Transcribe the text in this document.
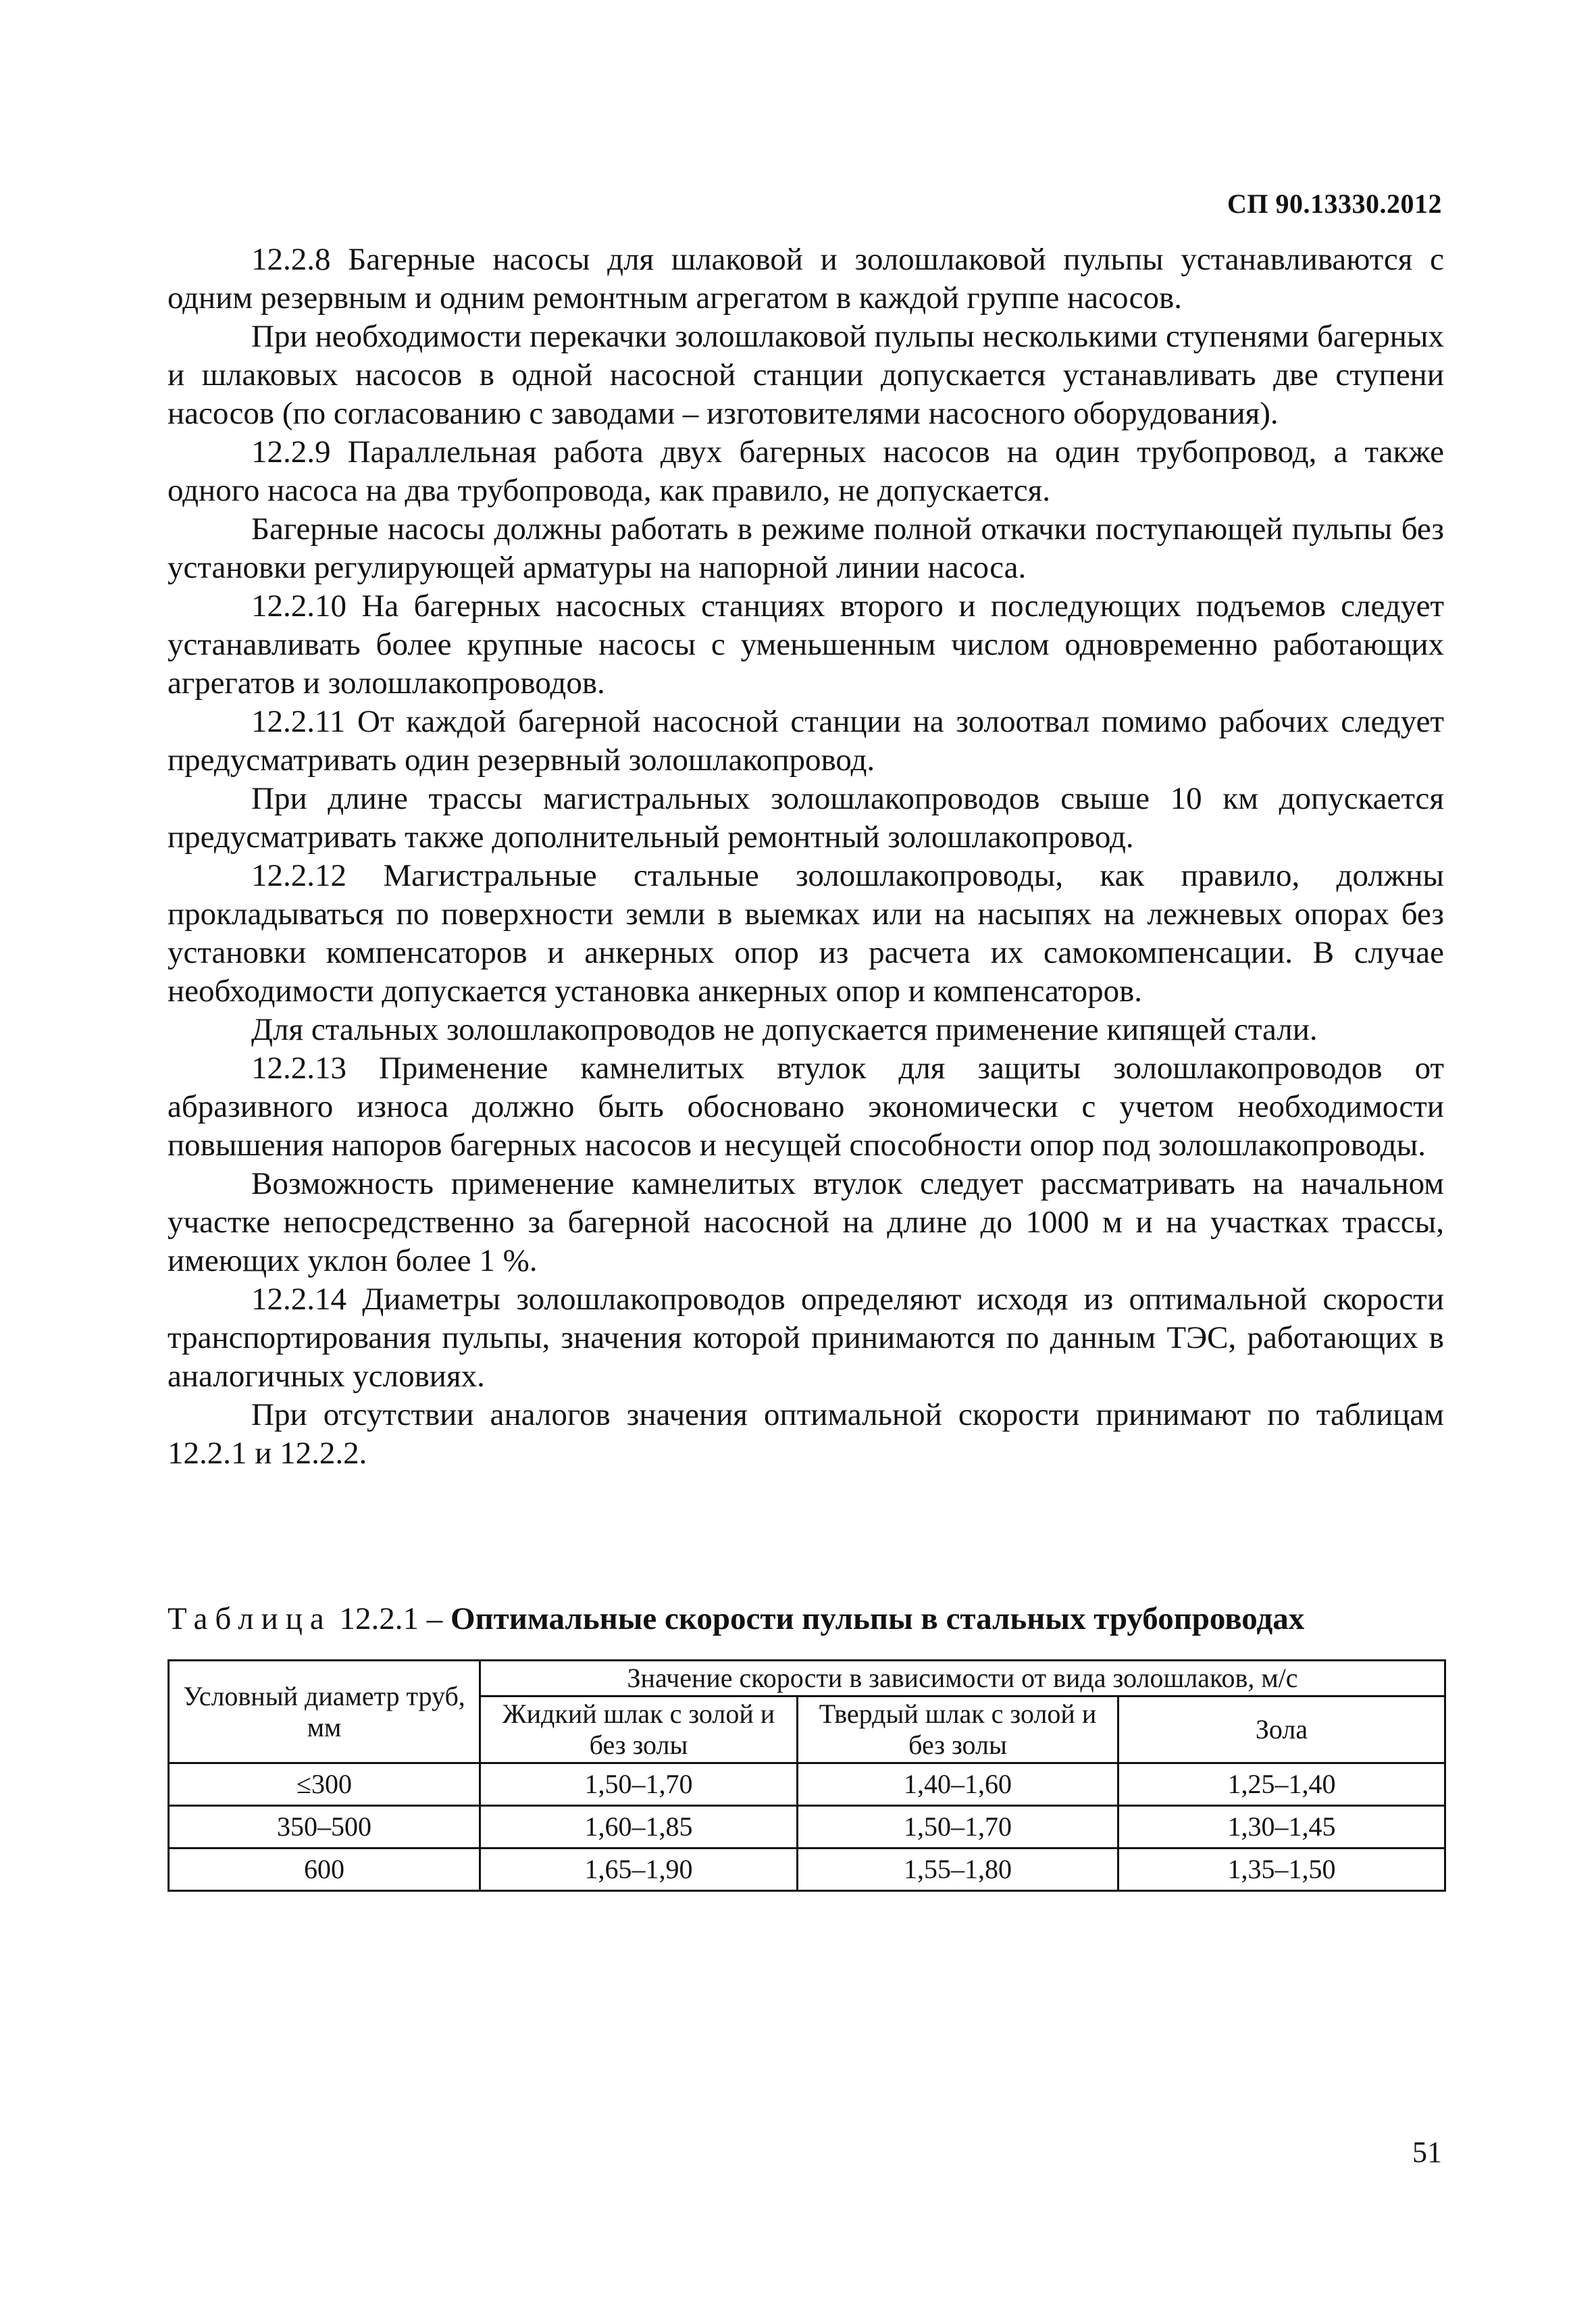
СП 90.13330.2012

12.2.8 Багерные насосы для шлаковой и золошлаковой пульпы устанавливаются с одним резервным и одним ремонтным агрегатом в каждой группе насосов.

При необходимости перекачки золошлаковой пульпы несколькими ступенями багерных и шлаковых насосов в одной насосной станции допускается устанавливать две ступени насосов (по согласованию с заводами – изготовителями насосного оборудования).

12.2.9 Параллельная работа двух багерных насосов на один трубопровод, а также одного насоса на два трубопровода, как правило, не допускается.

Багерные насосы должны работать в режиме полной откачки поступающей пульпы без установки регулирующей арматуры на напорной линии насоса.

12.2.10 На багерных насосных станциях второго и последующих подъемов следует устанавливать более крупные насосы с уменьшенным числом одновременно работающих агрегатов и золошлакопроводов.

12.2.11 От каждой багерной насосной станции на золоотвал помимо рабочих следует предусматривать один резервный золошлакопровод.

При длине трассы магистральных золошлакопроводов свыше 10 км допускается предусматривать также дополнительный ремонтный золошлакопровод.

12.2.12 Магистральные стальные золошлакопроводы, как правило, должны прокладываться по поверхности земли в выемках или на насыпях на лежневых опорах без установки компенсаторов и анкерных опор из расчета их самокомпенсации. В случае необходимости допускается установка анкерных опор и компенсаторов.

Для стальных золошлакопроводов не допускается применение кипящей стали.

12.2.13 Применение камнелитых втулок для защиты золошлакопроводов от абразивного износа должно быть обосновано экономически с учетом необходимости повышения напоров багерных насосов и несущей способности опор под золошлакопроводы.

Возможность применение камнелитых втулок следует рассматривать на начальном участке непосредственно за багерной насосной на длине до 1000 м и на участках трассы, имеющих уклон более 1 %.

12.2.14 Диаметры золошлакопроводов определяют исходя из оптимальной скорости транспортирования пульпы, значения которой принимаются по данным ТЭС, работающих в аналогичных условиях.

При отсутствии аналогов значения оптимальной скорости принимают по таблицам 12.2.1 и 12.2.2.

Таблица 12.2.1 – Оптимальные скорости пульпы в стальных трубопроводах
Условный диаметр труб, мм	Значение скорости в зависимости от вида золошлаков, м/с		
	Жидкий шлак с золой и без золы	Твердый шлак с золой и без золы	Зола
≤300	1,50–1,70	1,40–1,60	1,25–1,40
350–500	1,60–1,85	1,50–1,70	1,30–1,45
600	1,65–1,90	1,55–1,80	1,35–1,50
51
